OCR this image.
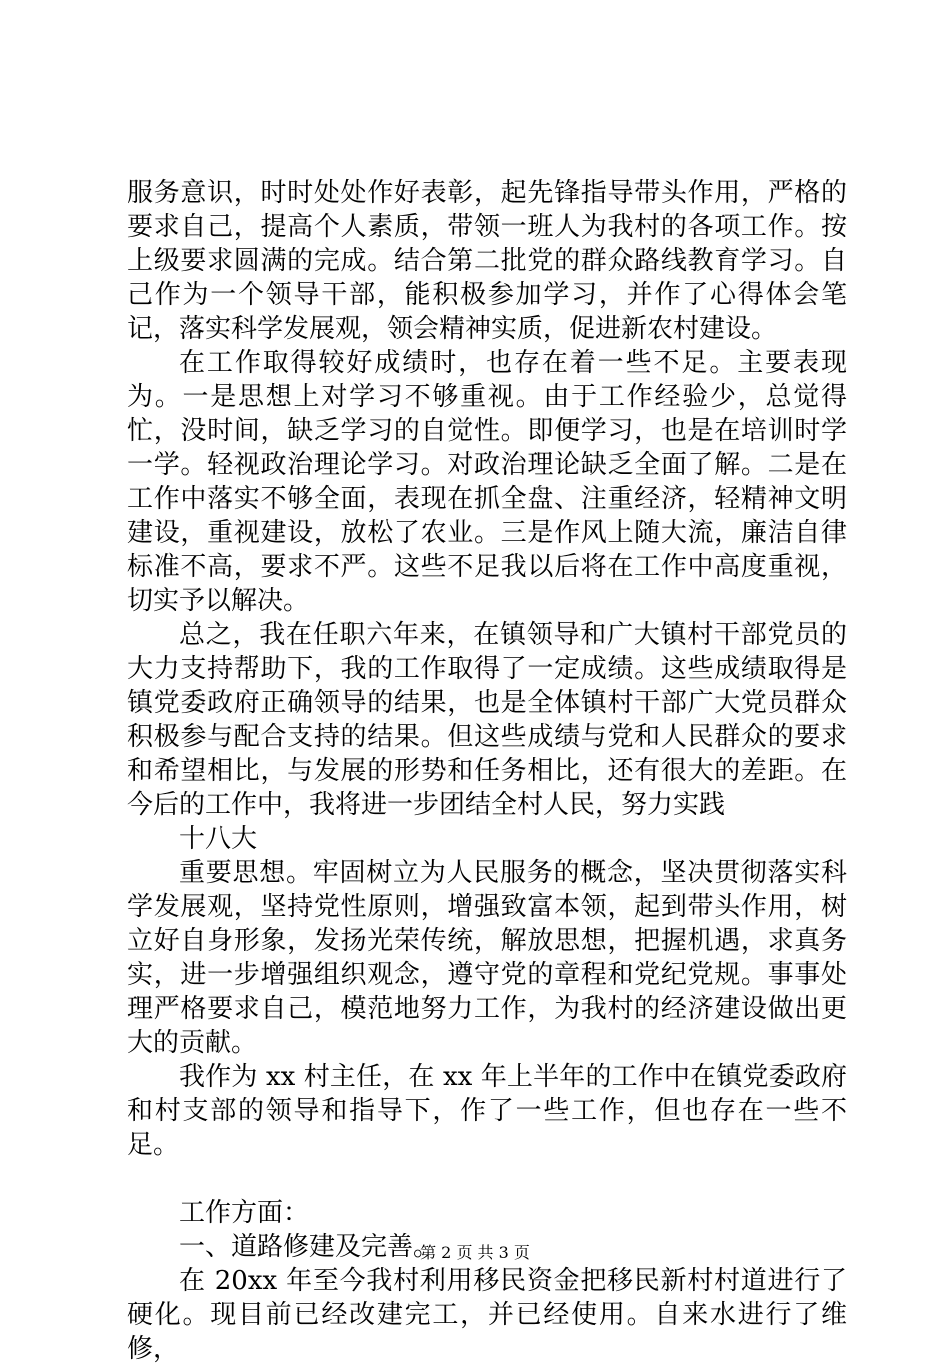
服务意识，时时处处作好表彰，起先锋指导带头作用，严格的要求自己，提高个人素质，带领一班人为我村的各项工作。按上级要求圆满的完成。结合第二批党的群众路线教育学习。自己作为一个领导干部，能积极参加学习，并作了心得体会笔记，落实科学发展观，领会精神实质，促进新农村建设。

在工作取得较好成绩时，也存在着一些不足。主要表现为。一是思想上对学习不够重视。由于工作经验少，总觉得忙，没时间，缺乏学习的自觉性。即便学习，也是在培训时学一学。轻视政治理论学习。对政治理论缺乏全面了解。二是在工作中落实不够全面，表现在抓全盘、注重经济，轻精神文明建设，重视建设，放松了农业。三是作风上随大流，廉洁自律标准不高，要求不严。这些不足我以后将在工作中高度重视，切实予以解决。

总之，我在任职六年来，在镇领导和广大镇村干部党员的大力支持帮助下，我的工作取得了一定成绩。这些成绩取得是镇党委政府正确领导的结果，也是全体镇村干部广大党员群众积极参与配合支持的结果。但这些成绩与党和人民群众的要求和希望相比，与发展的形势和任务相比，还有很大的差距。在今后的工作中，我将进一步团结全村人民，努力实践

十八大

重要思想。牢固树立为人民服务的概念，坚决贯彻落实科学发展观，坚持党性原则，增强致富本领，起到带头作用，树立好自身形象，发扬光荣传统，解放思想，把握机遇，求真务实，进一步增强组织观念，遵守党的章程和党纪党规。事事处理严格要求自己，模范地努力工作，为我村的经济建设做出更大的贡献。

我作为 xx 村主任，在 xx 年上半年的工作中在镇党委政府和村支部的领导和指导下，作了一些工作，但也存在一些不足。

工作方面：

一、道路修建及完善。

在 20xx 年至今我村利用移民资金把移民新村村道进行了硬化。现目前已经改建完工，并已经使用。自来水进行了维修，

第 2 页 共 3 页
